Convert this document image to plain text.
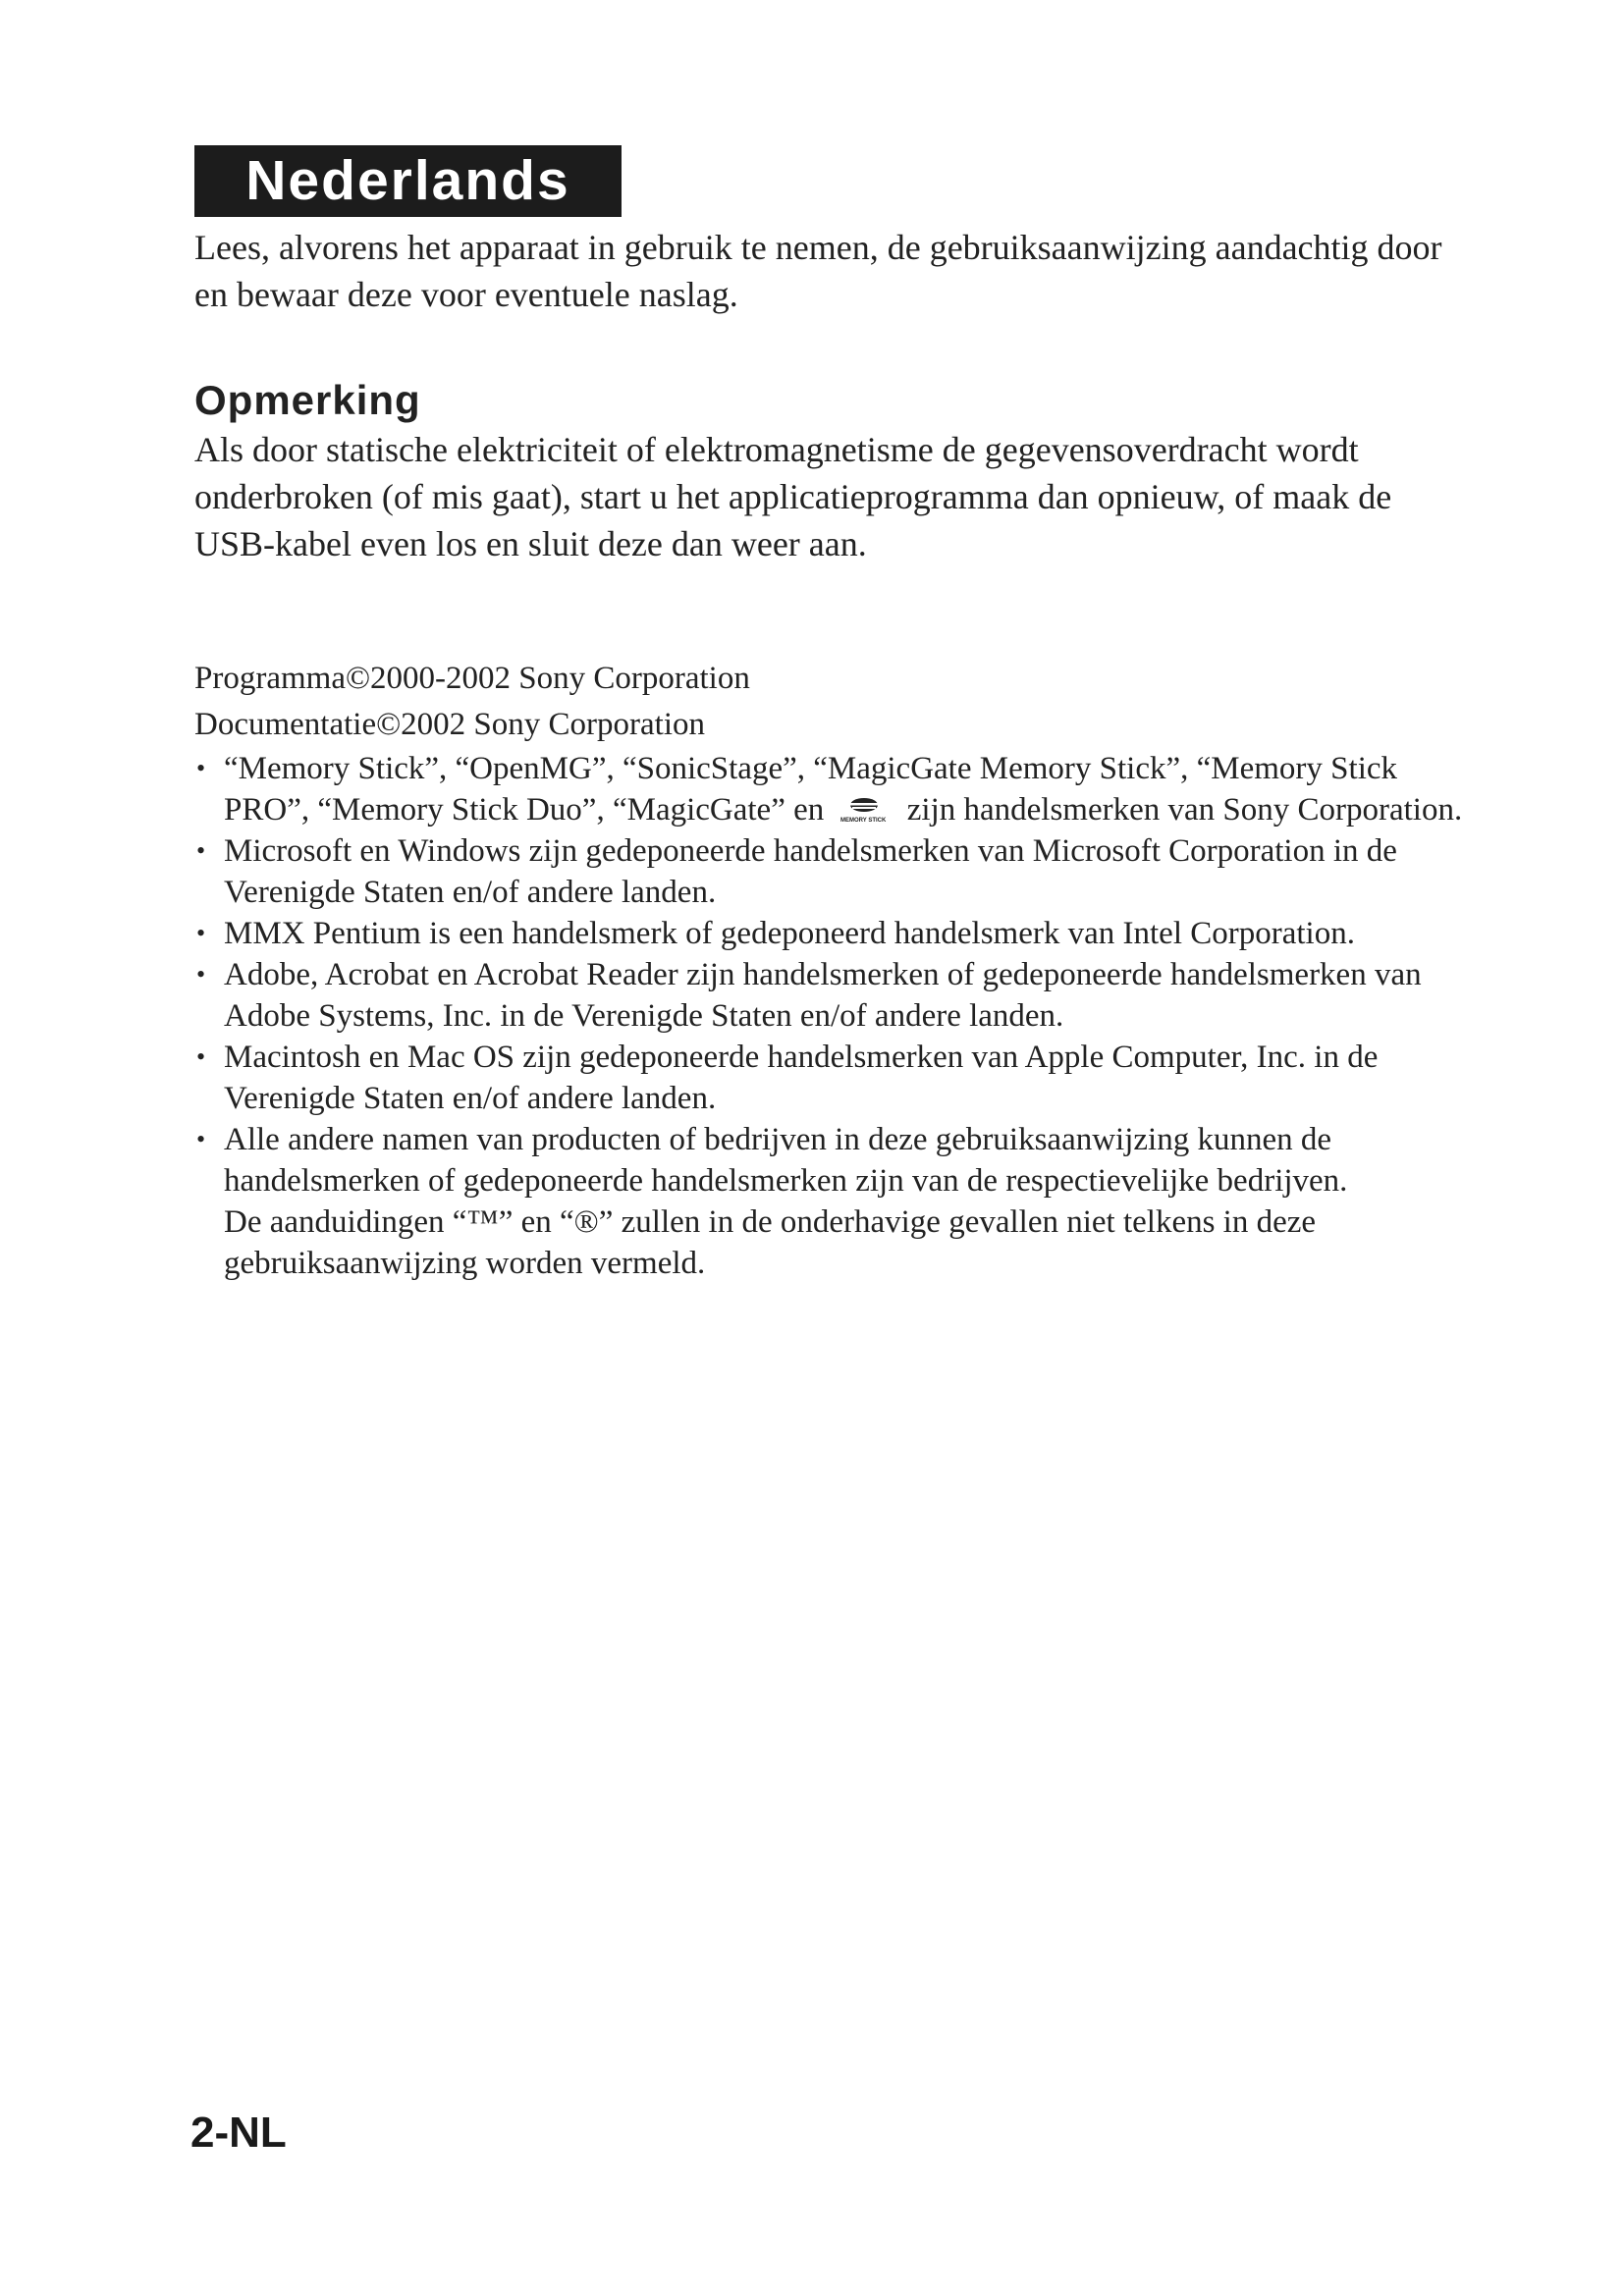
Nederlands

Lees, alvorens het apparaat in gebruik te nemen, de gebruiksaanwijzing aandachtig door en bewaar deze voor eventuele naslag.

Opmerking

Als door statische elektriciteit of elektromagnetisme de gegevensoverdracht wordt onderbroken (of mis gaat), start u het applicatieprogramma dan opnieuw, of maak de USB-kabel even los en sluit deze dan weer aan.

Programma©2000-2002 Sony Corporation

Documentatie©2002 Sony Corporation

• “Memory Stick”, “OpenMG”, “SonicStage”, “MagicGate Memory Stick”, “Memory Stick PRO”, “Memory Stick Duo”, “MagicGate” en	MEMORY STICK zijn handelsmerken van Sony Corporation.
• Microsoft en Windows zijn gedeponeerde handelsmerken van Microsoft Corporation in de Verenigde Staten en/of andere landen.
• MMX Pentium is een handelsmerk of gedeponeerd handelsmerk van Intel Corporation.
• Adobe, Acrobat en Acrobat Reader zijn handelsmerken of gedeponeerde handelsmerken van Adobe Systems, Inc. in de Verenigde Staten en/of andere landen.
• Macintosh en Mac OS zijn gedeponeerde handelsmerken van Apple Computer, Inc. in de Verenigde Staten en/of andere landen.
• Alle andere namen van producten of bedrijven in deze gebruiksaanwijzing kunnen de handelsmerken of gedeponeerde handelsmerken zijn van de respectievelijke bedrijven.
De aanduidingen “™” en “®” zullen in de onderhavige gevallen niet telkens in deze gebruiksaanwijzing worden vermeld.
2-NL
